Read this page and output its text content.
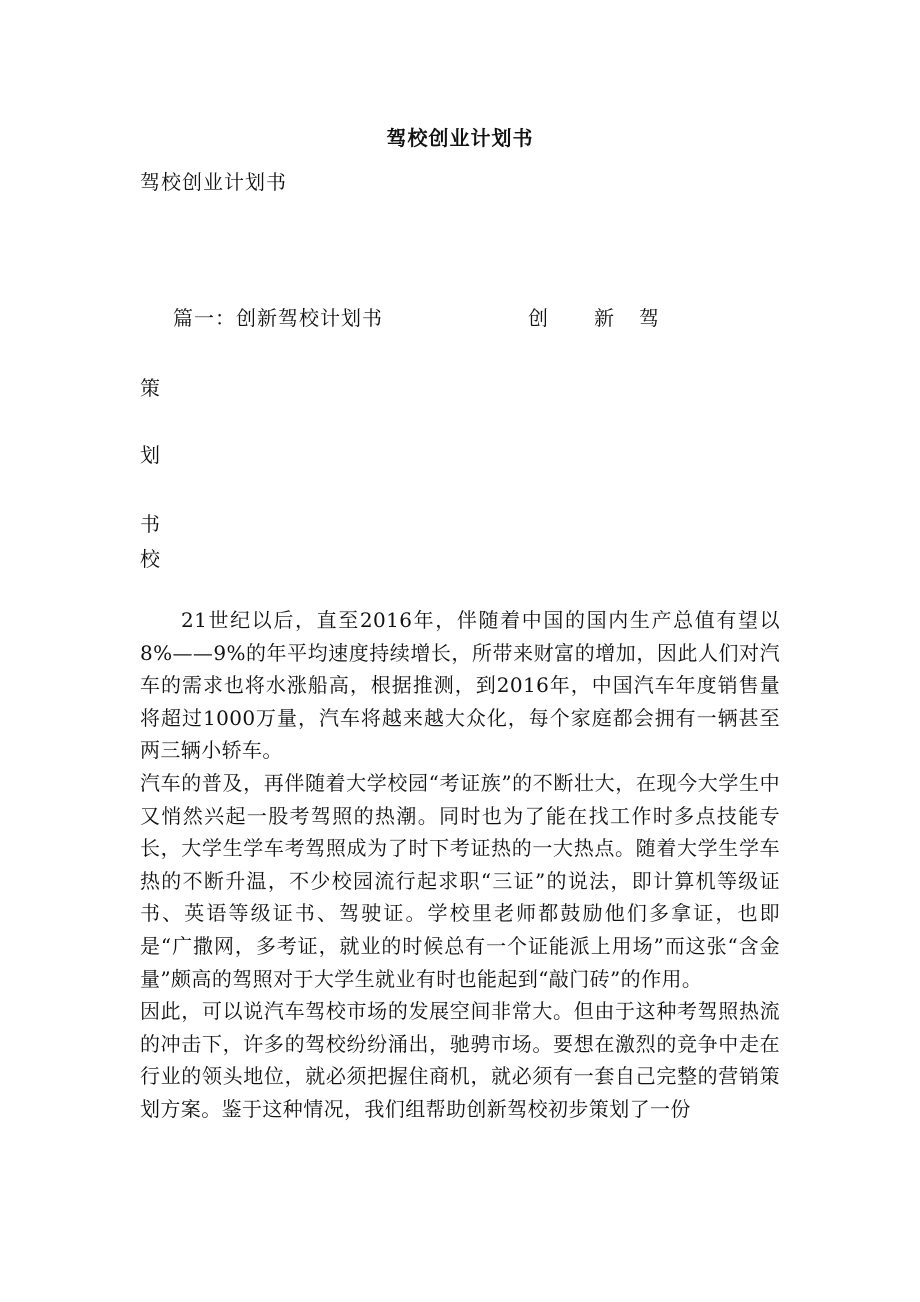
驾校创业计划书
驾校创业计划书
篇一：创新驾校计划书	创	新	驾
策
划
书
校

21世纪以后，直至2016年，伴随着中国的国内生产总值有望以8%——9%的年平均速度持续增长，所带来财富的增加，因此人们对汽车的需求也将水涨船高，根据推测，到2016年，中国汽车年度销售量将超过1000万量，汽车将越来越大众化，每个家庭都会拥有一辆甚至两三辆小轿车。

汽车的普及，再伴随着大学校园“考证族”的不断壮大，在现今大学生中又悄然兴起一股考驾照的热潮。同时也为了能在找工作时多点技能专长，大学生学车考驾照成为了时下考证热的一大热点。随着大学生学车热的不断升温，不少校园流行起求职“三证”的说法，即计算机等级证书、英语等级证书、驾驶证。学校里老师都鼓励他们多拿证，也即是“广撒网，多考证，就业的时候总有一个证能派上用场”而这张“含金量”颇高的驾照对于大学生就业有时也能起到“敲门砖”的作用。

因此，可以说汽车驾校市场的发展空间非常大。但由于这种考驾照热流的冲击下，许多的驾校纷纷涌出，驰骋市场。要想在激烈的竞争中走在行业的领头地位，就必须把握住商机，就必须有一套自己完整的营销策划方案。鉴于这种情况，我们组帮助创新驾校初步策划了一份
